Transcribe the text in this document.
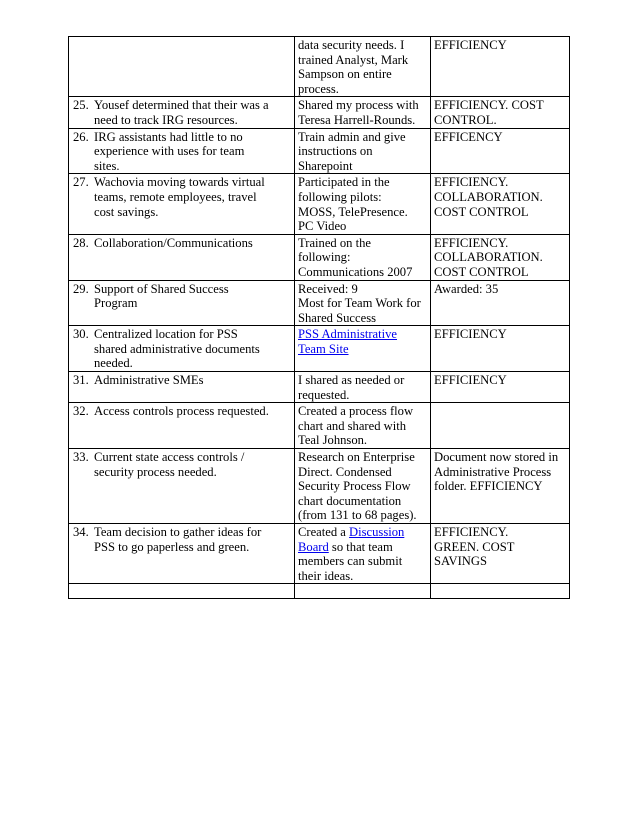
	data security needs. I
trained Analyst, Mark
Sampson on entire
process.	EFFICIENCY

25. Yousef determined that their was a
need to track IRG resources.	Shared my process with
Teresa Harrell-Rounds.	EFFICIENCY. COST
CONTROL.

26. IRG assistants had little to no
experience with uses for team
sites.	Train admin and give
instructions on
Sharepoint	EFFICENCY

27. Wachovia moving towards virtual
teams, remote employees, travel
cost savings.	Participated in the
following pilots:
MOSS, TelePresence.
PC Video	EFFICIENCY.
COLLABORATION.
COST CONTROL

28. Collaboration/Communications	Trained on the
following:
Communications 2007	EFFICIENCY.
COLLABORATION.
COST CONTROL

29. Support of Shared Success
Program	Received: 9
Most for Team Work for
Shared Success	Awarded: 35

30. Centralized location for PSS
shared administrative documents
needed.	PSS Administrative
Team Site	EFFICIENCY

31. Administrative SMEs	I shared as needed or
requested.	EFFICIENCY

32. Access controls process requested.	Created a process flow
chart and shared with
Teal Johnson.	

33. Current state access controls /
security process needed.	Research on Enterprise
Direct. Condensed
Security Process Flow
chart documentation
(from 131 to 68 pages).	Document now stored in
Administrative Process
folder. EFFICIENCY

34. Team decision to gather ideas for
PSS to go paperless and green.	Created a Discussion
Board so that team
members can submit
their ideas.	EFFICIENCY.
GREEN. COST
SAVINGS
